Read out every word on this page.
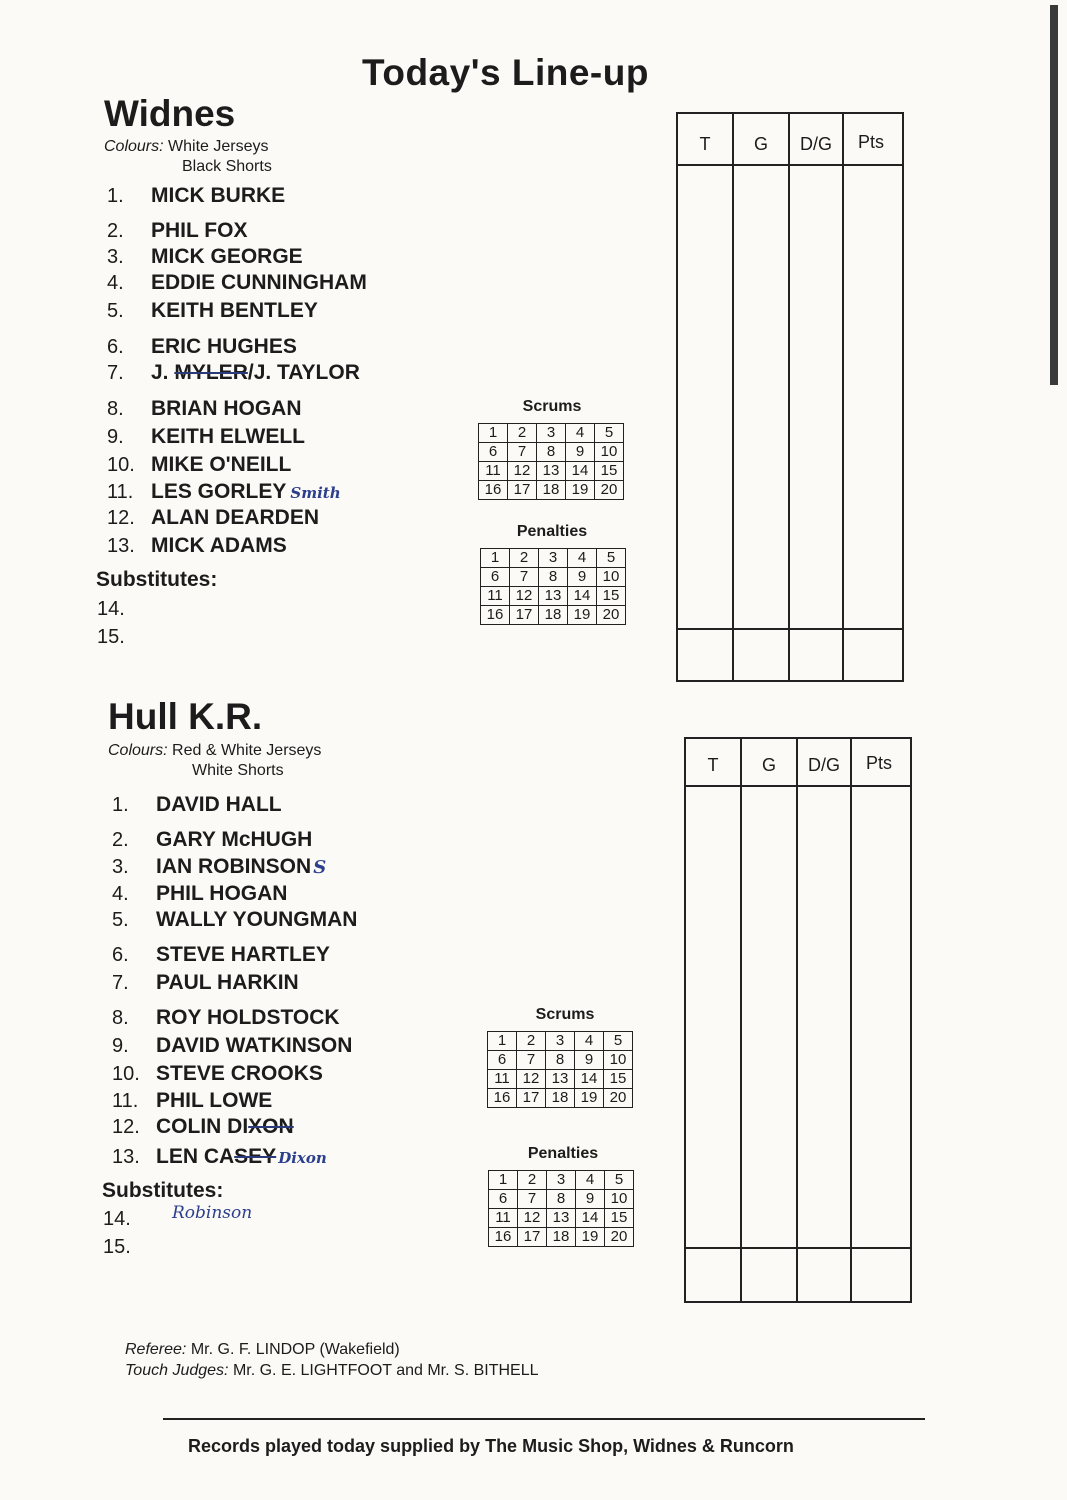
Today's Line-up
Widnes
Colours: White Jerseys
Black Shorts
1. MICK BURKE
2. PHIL FOX
3. MICK GEORGE
4. EDDIE CUNNINGHAM
5. KEITH BENTLEY
6. ERIC HUGHES
7. J. MYLER/J. TAYLOR
8. BRIAN HOGAN
9. KEITH ELWELL
10. MIKE O'NEILL
11. LES GORLEY Smith
12. ALAN DEARDEN
13. MICK ADAMS
Substitutes:
14.
15.
Scrums
1	2	3	4	5
6	7	8	9	10
11	12	13	14	15
16	17	18	19	20
Penalties
1	2	3	4	5
6	7	8	9	10
11	12	13	14	15
16	17	18	19	20
T	G	D/G	Pts
Hull K.R.
Colours: Red & White Jerseys
White Shorts
1. DAVID HALL
2. GARY McHUGH
3. IAN ROBINSON S
4. PHIL HOGAN
5. WALLY YOUNGMAN
6. STEVE HARTLEY
7. PAUL HARKIN
8. ROY HOLDSTOCK
9. DAVID WATKINSON
10. STEVE CROOKS
11. PHIL LOWE
12. COLIN DIXON
13. LEN CASEY Dixon
Substitutes:
14. Robinson
15.
Scrums
1	2	3	4	5
6	7	8	9	10
11	12	13	14	15
16	17	18	19	20
Penalties
1	2	3	4	5
6	7	8	9	10
11	12	13	14	15
16	17	18	19	20
T	G	D/G	Pts
Referee: Mr. G. F. LINDOP (Wakefield)
Touch Judges: Mr. G. E. LIGHTFOOT and Mr. S. BITHELL
Records played today supplied by The Music Shop, Widnes & Runcorn
